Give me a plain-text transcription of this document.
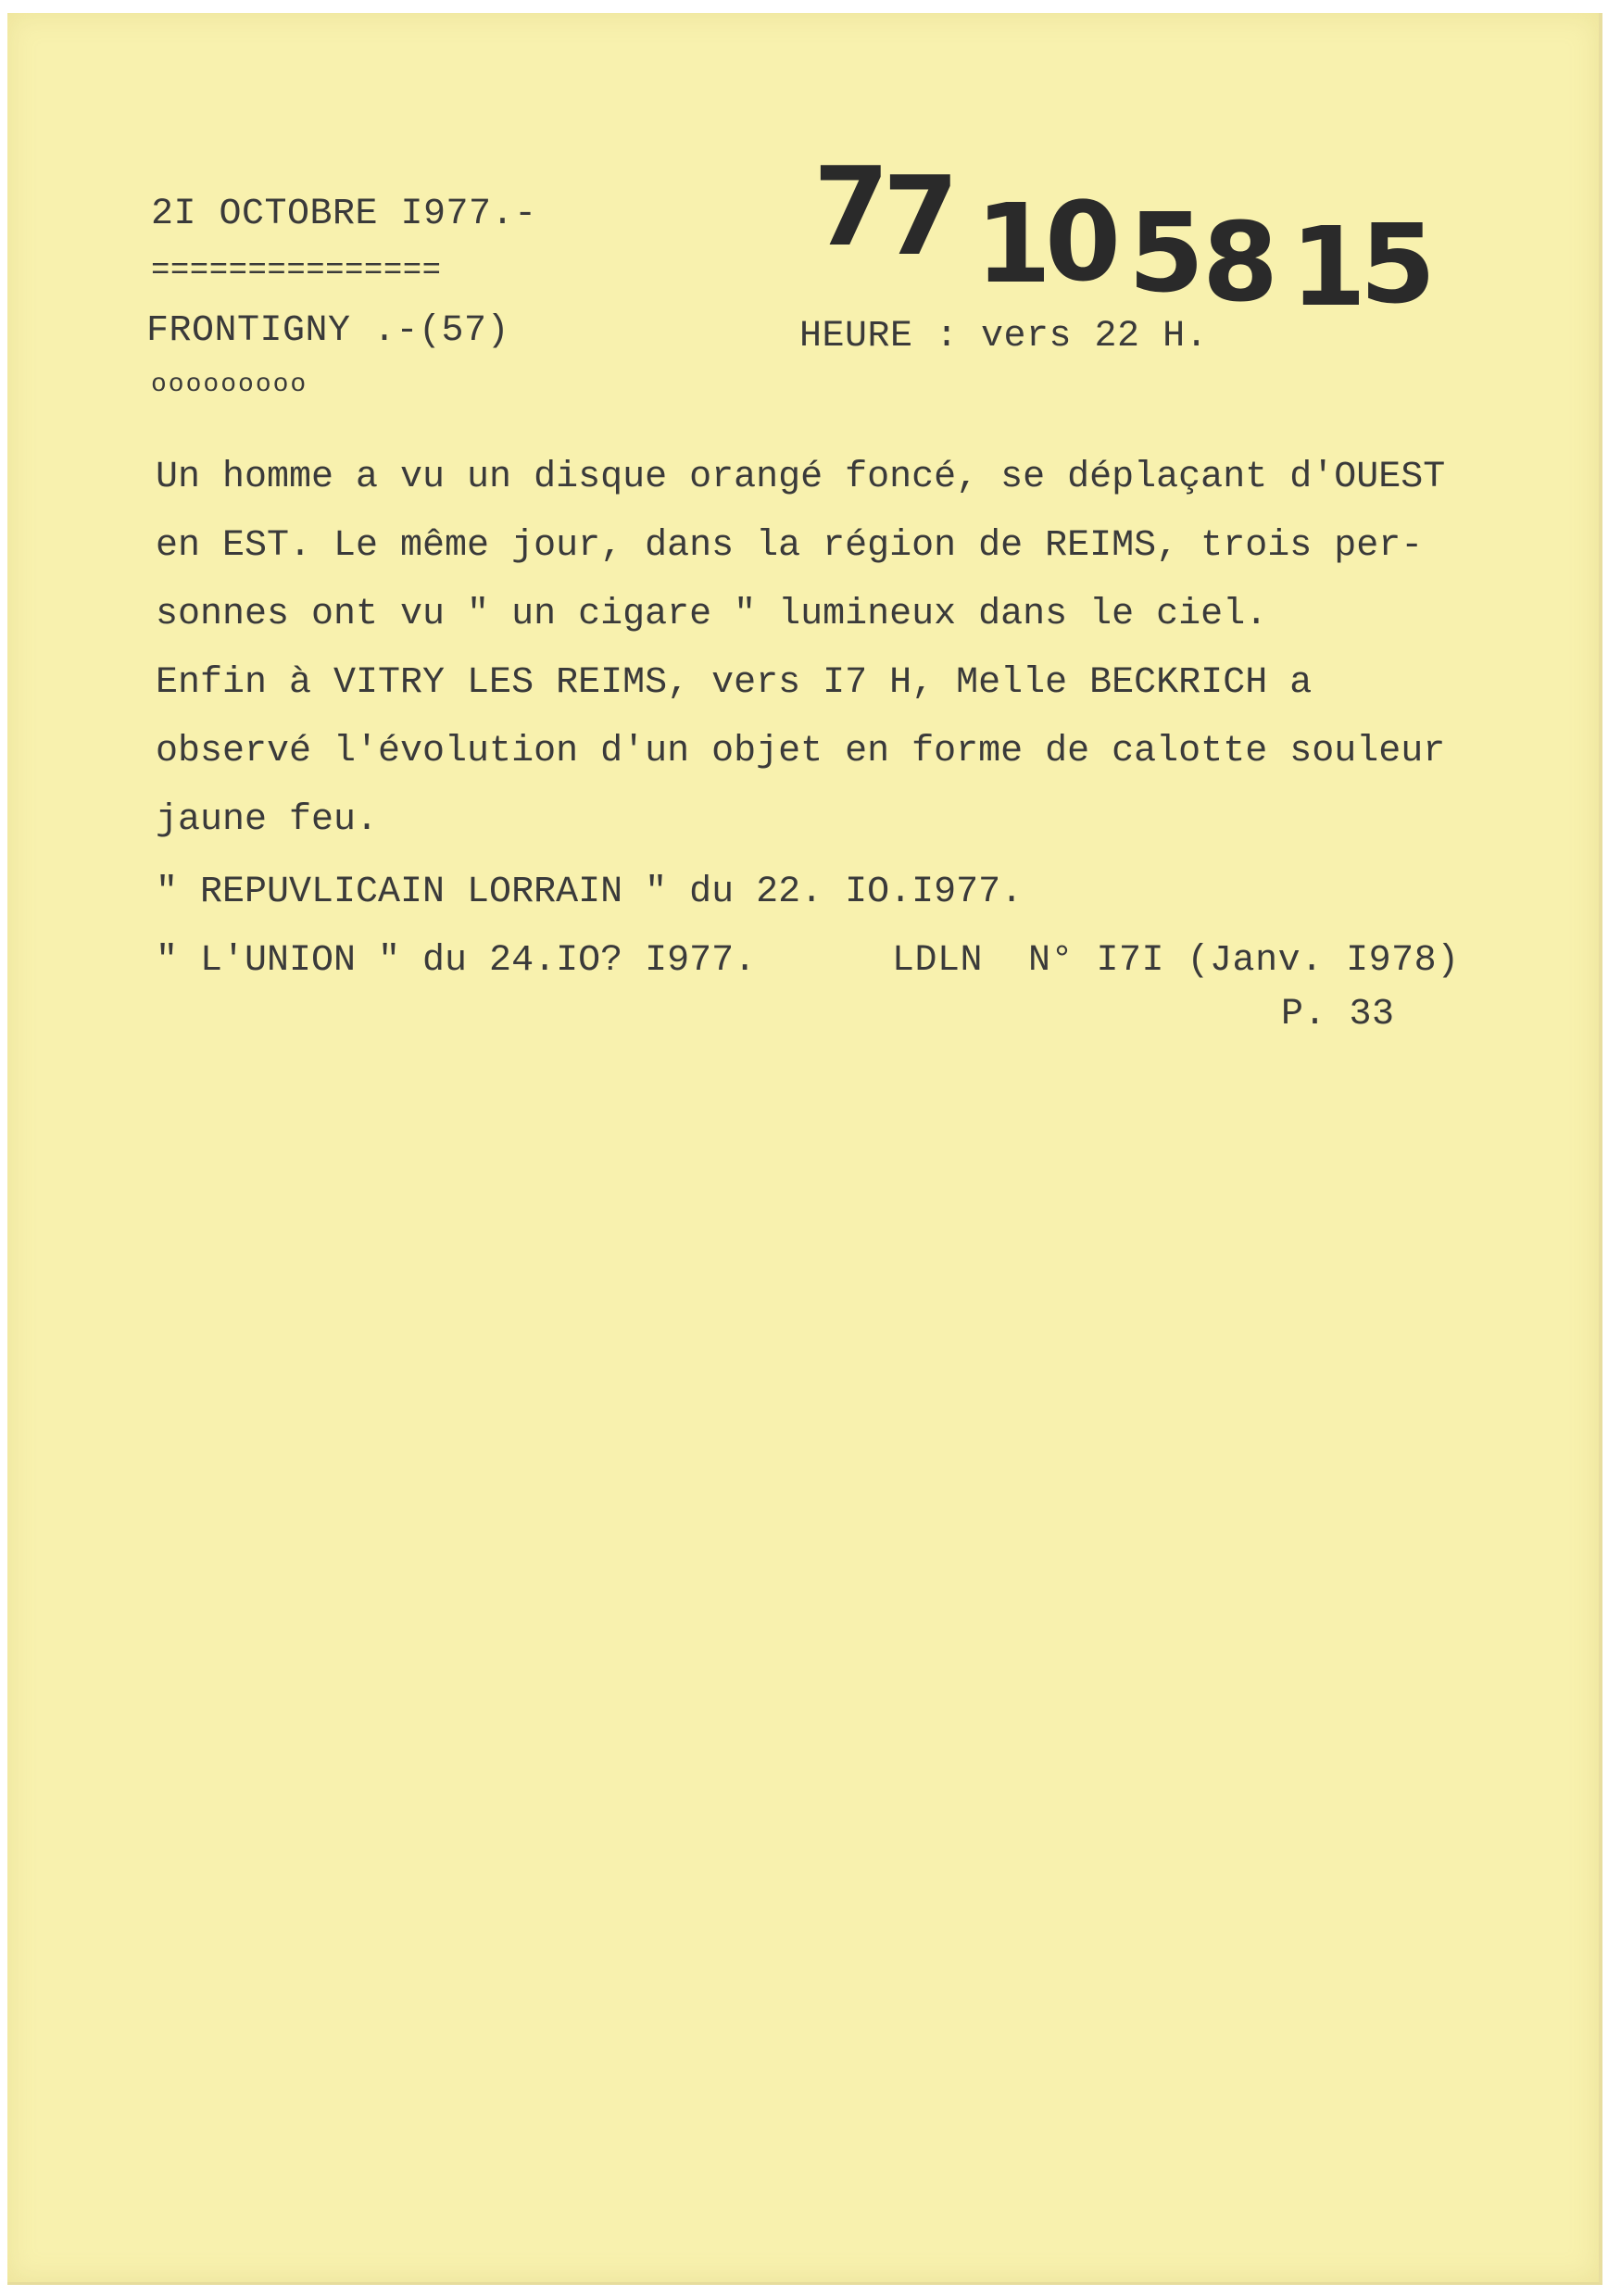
2I OCTOBRE I977.-
===============
FRONTIGNY .-(57)
ooooooooo
HEURE : vers 22 H.
7
7 1
0 5
8 1
5
Un homme a vu un disque orangé foncé, se déplaçant d'OUEST
en EST. Le même jour, dans la région de REIMS, trois per-
sonnes ont vu " un cigare " lumineux dans le ciel.
Enfin à VITRY LES REIMS, vers I7 H, Melle BECKRICH a
observé l'évolution d'un objet en forme de calotte souleur
jaune feu.
" REPUVLICAIN LORRAIN " du 22. IO.I977.
" L'UNION " du 24.IO? I977.	LDLN  N° I7I (Janv. I978)
P. 33
